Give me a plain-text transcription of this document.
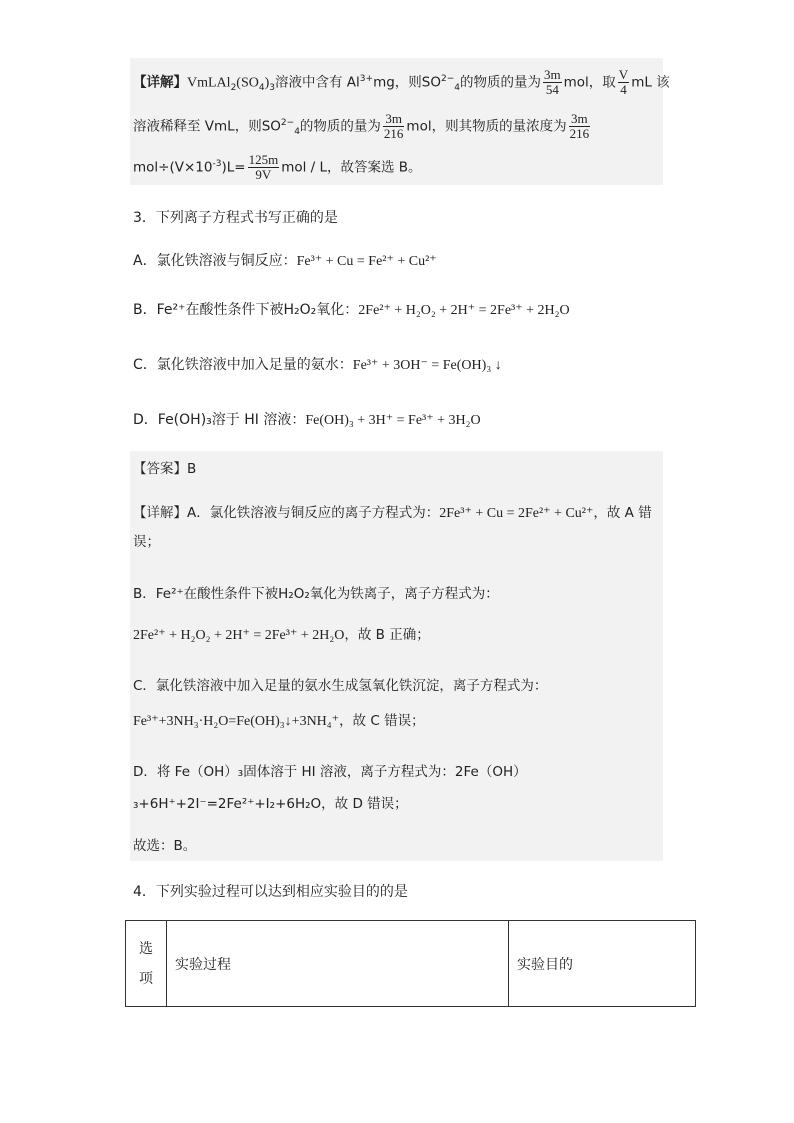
【详解】$VmLAl_2(SO_4)_3$溶液中含有 $Al^{3+}mg$，则$SO^{2-}_4$的物质的量为 $\frac{3m}{54}$ mol，取 $\frac{V}{4}$ mL 该
溶液稀释至 VmL，则$SO^{2-}_4$的物质的量为 $\frac{3m}{216}$ mol，则其物质的量浓度为 $\frac{3m}{216}$
$mol\div(V\times 10^{-3})L= \frac{125m}{9V}$ mol / L，故答案选 B。
3．下列离子方程式书写正确的是
A．氯化铁溶液与铜反应：Fe³⁺ + Cu = Fe²⁺ + Cu²⁺
B．Fe²⁺在酸性条件下被H₂O₂氧化：2Fe²⁺ + H₂O₂ + 2H⁺ = 2Fe³⁺ + 2H₂O
C．氯化铁溶液中加入足量的氨水：Fe³⁺ + 3OH⁻ = Fe(OH)₃ ↓
D．Fe(OH)₃溶于 HI 溶液：Fe(OH)₃ + 3H⁺ = Fe³⁺ + 3H₂O
【答案】B
【详解】A．氯化铁溶液与铜反应的离子方程式为：2Fe³⁺ + Cu = 2Fe²⁺ + Cu²⁺，故 A 错
误；
B．Fe²⁺在酸性条件下被H₂O₂氧化为铁离子，离子方程式为：
2Fe²⁺ + H₂O₂ + 2H⁺ = 2Fe³⁺ + 2H₂O，故 B 正确；
C．氯化铁溶液中加入足量的氨水生成氢氧化铁沉淀，离子方程式为：
Fe³⁺+3NH₃·H₂O=Fe(OH)₃↓+3NH₄⁺，故 C 错误；
D．将 Fe（OH）₃固体溶于 HI 溶液，离子方程式为：2Fe（OH）
₃+6H⁺+2I⁻=2Fe²⁺+I₂+6H₂O，故 D 错误；
故选：B。
4．下列实验过程可以达到相应实验目的的是
选
项
	实验过程	实验目的
